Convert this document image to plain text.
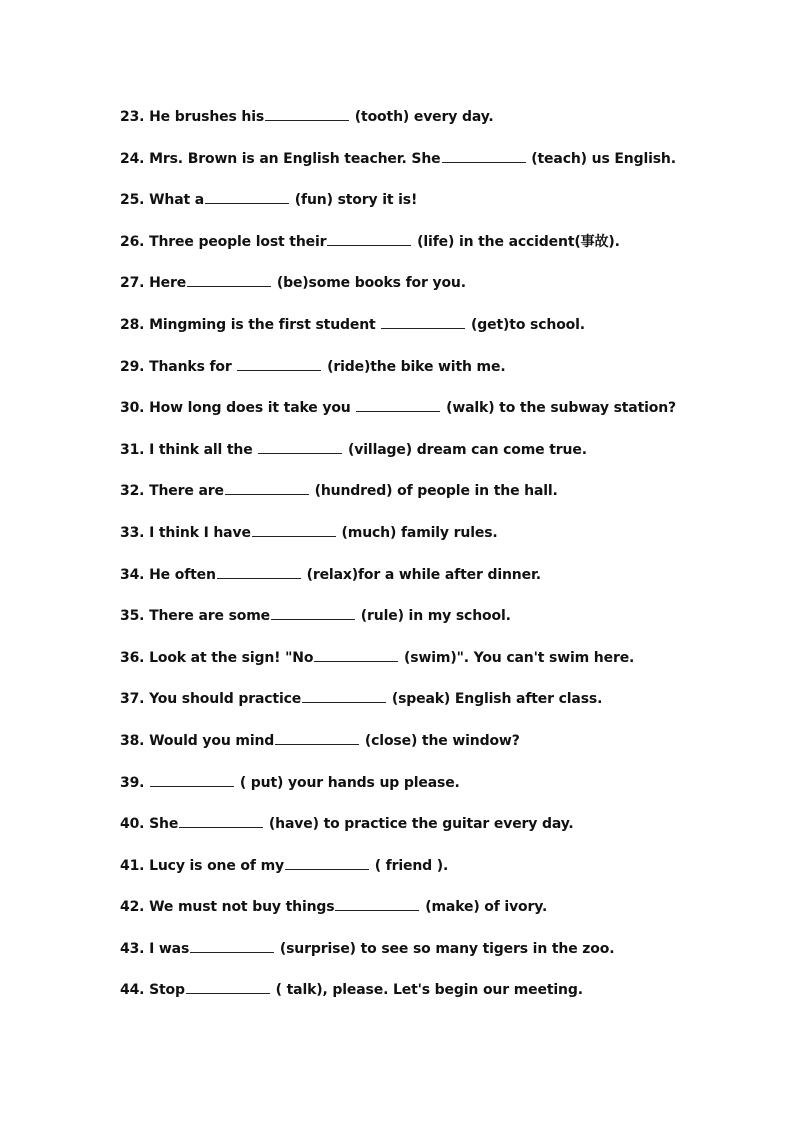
23. He brushes his	(tooth) every day.
24. Mrs. Brown is an English teacher. She	(teach) us English.
25. What a	(fun) story it is!
26. Three people lost their	(life) in the accident(事故).
27. Here	(be)some books for you.
28. Mingming is the first student	(get)to school.
29. Thanks for	(ride)the bike with me.
30. How long does it take you	(walk) to the subway station?
31. I think all the	(village) dream can come true.
32. There are	(hundred) of people in the hall.
33. I think I have	(much) family rules.
34. He often	(relax)for a while after dinner.
35. There are some	(rule) in my school.
36. Look at the sign! "No	(swim)". You can't swim here.
37. You should practice	(speak) English after class.
38. Would you mind	(close) the window?
39.	( put) your hands up please.
40. She	(have) to practice the guitar every day.
41. Lucy is one of my	( friend ).
42. We must not buy things	(make) of ivory.
43. I was	(surprise) to see so many tigers in the zoo.
44. Stop	( talk), please. Let's begin our meeting.
